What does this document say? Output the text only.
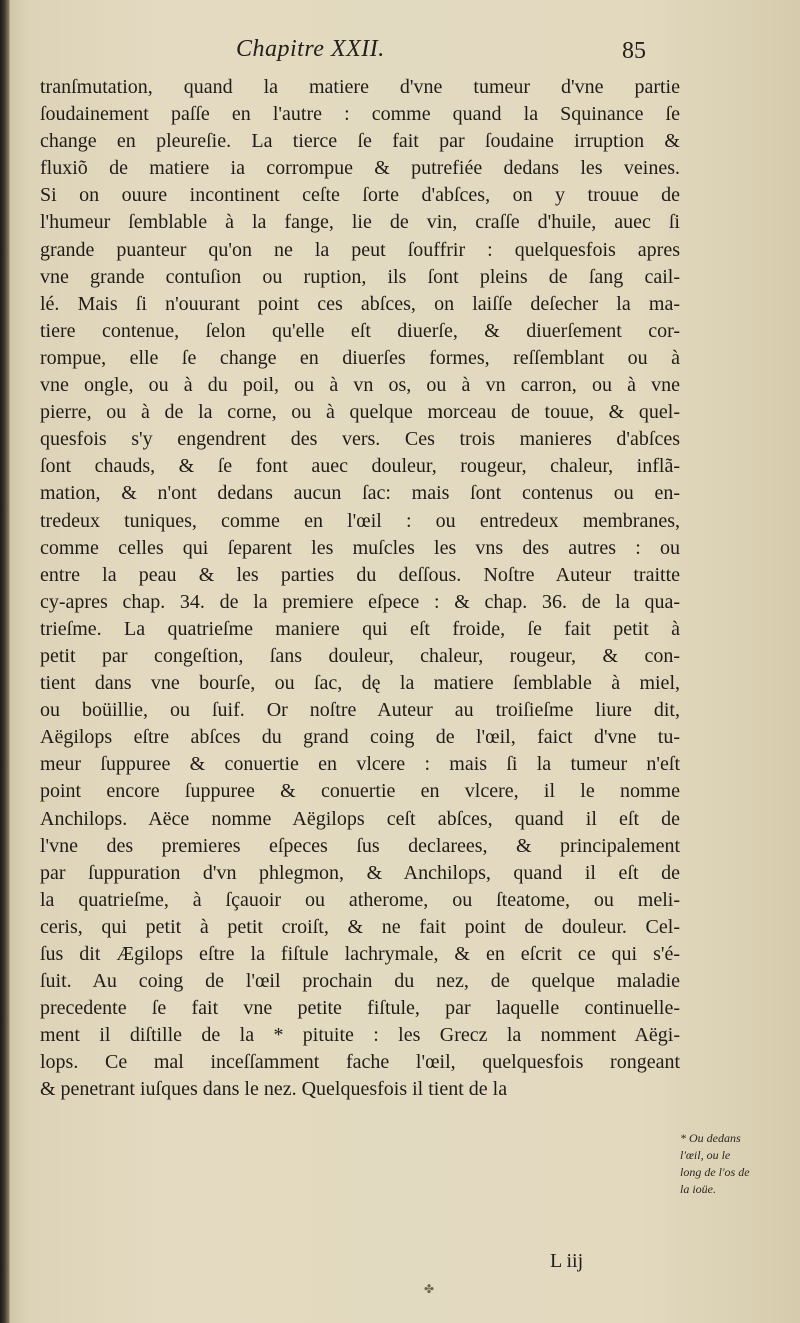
Chapitre XXII.	85
tranſmutation, quand la matiere d'vne tumeur d'vne partie
ſoudainement paſſe en l'autre : comme quand la Squinance ſe
change en pleureſie. La tierce ſe fait par ſoudaine irruption &
fluxiõ de matiere ia corrompue & putrefiée dedans les veines.
Si on ouure incontinent ceſte ſorte d'abſces, on y trouue de
l'humeur ſemblable à la fange, lie de vin, craſſe d'huile, auec ſi
grande puanteur qu'on ne la peut ſouffrir : quelquesfois apres
vne grande contuſion ou ruption, ils ſont pleins de ſang cail-
lé. Mais ſi n'ouurant point ces abſces, on laiſſe deſecher la ma-
tiere contenue, ſelon qu'elle eſt diuerſe, & diuerſement cor-
rompue, elle ſe change en diuerſes formes, reſſemblant ou à
vne ongle, ou à du poil, ou à vn os, ou à vn carron, ou à vne
pierre, ou à de la corne, ou à quelque morceau de touue, & quel-
quesfois s'y engendrent des vers. Ces trois manieres d'abſces
ſont chauds, & ſe font auec douleur, rougeur, chaleur, inflã-
mation, & n'ont dedans aucun ſac: mais ſont contenus ou en-
tredeux tuniques, comme en l'œil : ou entredeux membranes,
comme celles qui ſeparent les muſcles les vns des autres : ou
entre la peau & les parties du deſſous. Noſtre Auteur traitte
cy-apres chap. 34. de la premiere eſpece : & chap. 36. de la qua-
trieſme. La quatrieſme maniere qui eſt froide, ſe fait petit à
petit par congeſtion, ſans douleur, chaleur, rougeur, & con-
tient dans vne bourſe, ou ſac, dę la matiere ſemblable à miel,
ou boüillie, ou ſuif. Or noſtre Auteur au troiſieſme liure dit,
Aëgilops eſtre abſces du grand coing de l'œil, faict d'vne tu-
meur ſuppuree & conuertie en vlcere : mais ſi la tumeur n'eſt
point encore ſuppuree & conuertie en vlcere, il le nomme
Anchilops. Aëce nomme Aëgilops ceſt abſces, quand il eſt de
l'vne des premieres eſpeces ſus declarees, & principalement
par ſuppuration d'vn phlegmon, & Anchilops, quand il eſt de
la quatrieſme, à ſçauoir ou atherome, ou ſteatome, ou meli-
ceris, qui petit à petit croiſt, & ne fait point de douleur. Cel-
ſus dit Ægilops eſtre la fiſtule lachrymale, & en eſcrit ce qui s'é-
ſuit. Au coing de l'œil prochain du nez, de quelque maladie
precedente ſe fait vne petite fiſtule, par laquelle continuelle-
ment il diſtille de la * pituite : les Grecz la nomment Aëgi-
lops. Ce mal inceſſamment fache l'œil, quelquesfois rongeant
& penetrant iuſques dans le nez. Quelquesfois il tient de la
* Ou dedans
l'œil, ou le
long de l'os de
la ioüe.
L iij
✤
